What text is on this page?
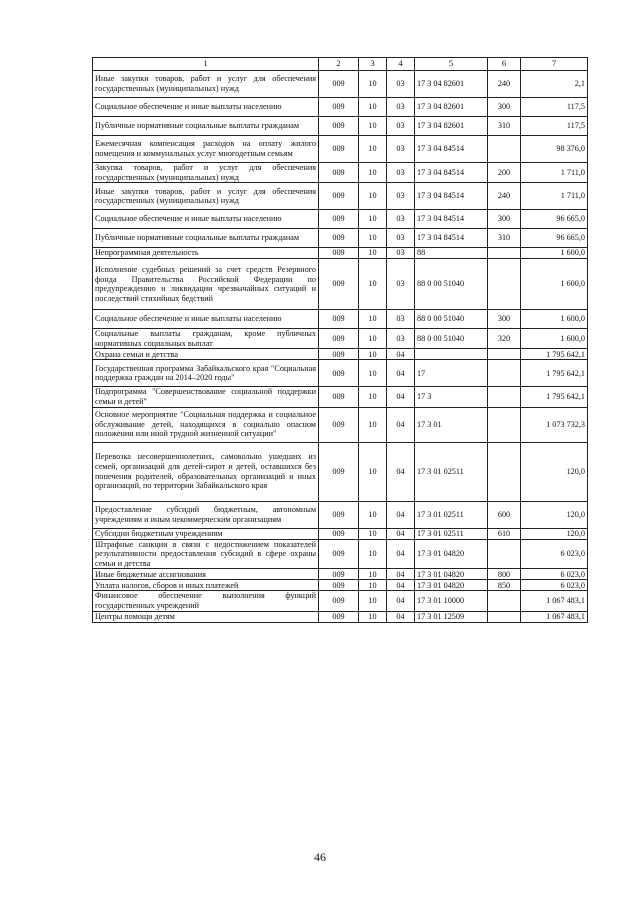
1	2	3	4	5	6	7
Иные закупки товаров, работ и услуг для обеспечения государственных (муниципальных) нужд	009	10	03	17 3 04 82601	240	2,1
Социальное обеспечение и иные выплаты населению	009	10	03	17 3 04 82601	300	117,5
Публичные нормативные социальные выплаты гражданам	009	10	03	17 3 04 82601	310	117,5
Ежемесячная компенсация расходов на оплату жилого помещения и коммунальных услуг многодетным семьям	009	10	03	17 3 04 84514		98 376,0
Закупка товаров, работ и услуг для обеспечения государственных (муниципальных) нужд	009	10	03	17 3 04 84514	200	1 711,0
Иные закупки товаров, работ и услуг для обеспечения государственных (муниципальных) нужд	009	10	03	17 3 04 84514	240	1 711,0
Социальное обеспечение и иные выплаты населению	009	10	03	17 3 04 84514	300	96 665,0
Публичные нормативные социальные выплаты гражданам	009	10	03	17 3 04 84514	310	96 665,0
Непрограммная деятельность	009	10	03	88		1 600,0
Исполнение судебных решений за счет средств Резервного фонда Правительства Российской Федерации по предупреждению и ликвидации чрезвычайных ситуаций и последствий стихийных бедствий	009	10	03	88 0 00 51040		1 600,0
Социальное обеспечение и иные выплаты населению	009	10	03	88 0 00 51040	300	1 600,0
Социальные выплаты гражданам, кроме публичных нормативных социальных выплат	009	10	03	88 0 00 51040	320	1 600,0
Охрана семьи и детства	009	10	04			1 795 642,1
Государственная программа Забайкальского края "Социальная поддержка граждан на 2014–2020 годы"	009	10	04	17		1 795 642,1
Подпрограмма "Совершенствование социальной поддержки семьи и детей"	009	10	04	17 3		1 795 642,1
Основное мероприятие "Социальная поддержка и социальное обслуживание детей, находящихся в социально опасном положении или иной трудной жизненной ситуации"	009	10	04	17 3 01		1 073 732,3
Перевозка несовершеннолетних, самовольно ушедших из семей, организаций для детей-сирот и детей, оставшихся без попечения родителей, образовательных организаций и иных организаций, по территории Забайкальского края	009	10	04	17 3 01 02511		120,0
Предоставление субсидий бюджетным, автономным учреждениям и иным некоммерческим организациям	009	10	04	17 3 01 02511	600	120,0
Субсидии бюджетным учреждениям	009	10	04	17 3 01 02511	610	120,0
Штрафные санкции в связи с недостижением показателей результативности предоставления субсидий в сфере охраны семьи и детства	009	10	04	17 3 01 04820		6 023,0
Иные бюджетные ассигнования	009	10	04	17 3 01 04820	800	6 023,0
Уплата налогов, сборов и иных платежей	009	10	04	17 3 01 04820	850	6 023,0
Финансовое обеспечение выполнения функций государственных учреждений	009	10	04	17 3 01 10000		1 067 483,1
Центры помощи детям	009	10	04	17 3 01 12509		1 067 483,1
46
